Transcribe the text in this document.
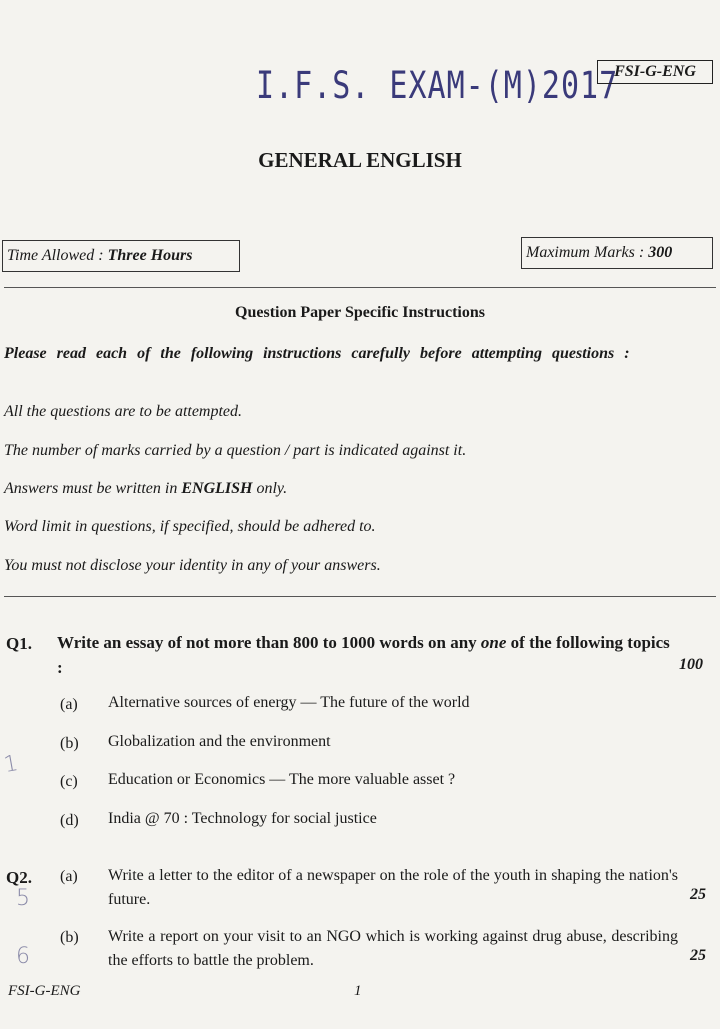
I.F.S. EXAM-(M)2017
FSI-G-ENG
GENERAL ENGLISH
Time Allowed : Three Hours	Maximum Marks : 300
Question Paper Specific Instructions
Please read each of the following instructions carefully before attempting questions :
All the questions are to be attempted.
The number of marks carried by a question / part is indicated against it.
Answers must be written in ENGLISH only.
Word limit in questions, if specified, should be adhered to.
You must not disclose your identity in any of your answers.
Q1. Write an essay of not more than 800 to 1000 words on any one of the following topics :	100
(a) Alternative sources of energy — The future of the world
(b) Globalization and the environment
(c) Education or Economics — The more valuable asset ?
(d) India @ 70 : Technology for social justice
Q2. (a) Write a letter to the editor of a newspaper on the role of the youth in shaping the nation's future.	25
(b) Write a report on your visit to an NGO which is working against drug abuse, describing the efforts to battle the problem.	25
1
5
6
FSI-G-ENG	1
